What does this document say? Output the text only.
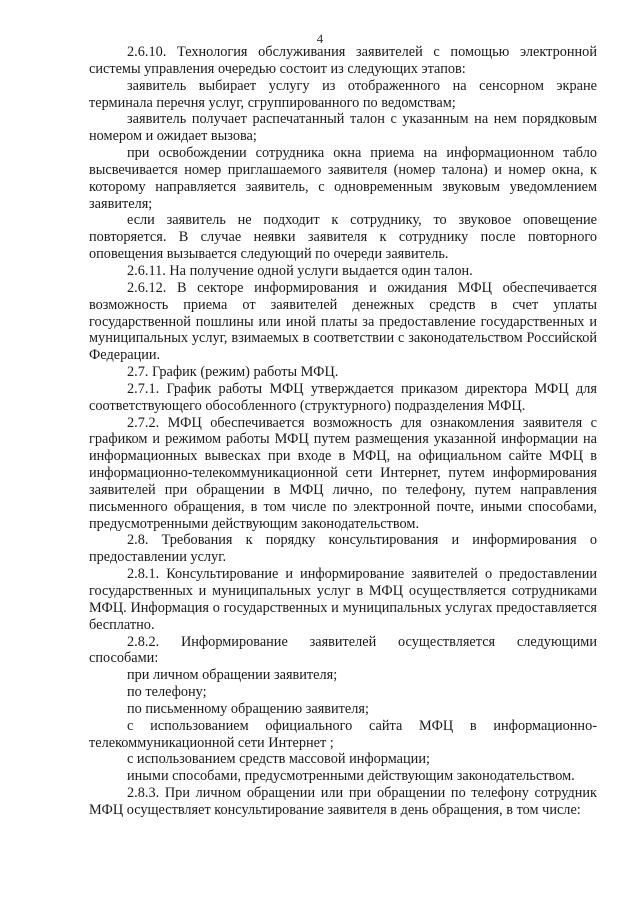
4

2.6.10. Технология обслуживания заявителей с помощью электронной системы управления очередью состоит из следующих этапов:

заявитель выбирает услугу из отображенного на сенсорном экране терминала перечня услуг, сгруппированного по ведомствам;

заявитель получает распечатанный талон с указанным на нем порядковым номером и ожидает вызова;

при освобождении сотрудника окна приема на информационном табло высвечивается номер приглашаемого заявителя (номер талона) и номер окна, к которому направляется заявитель, с одновременным звуковым уведомлением заявителя;

если заявитель не подходит к сотруднику, то звуковое оповещение повторяется. В случае неявки заявителя к сотруднику после повторного оповещения вызывается следующий по очереди заявитель.

2.6.11. На получение одной услуги выдается один талон.

2.6.12. В секторе информирования и ожидания МФЦ обеспечивается возможность приема от заявителей денежных средств в счет уплаты государственной пошлины или иной платы за предоставление государственных и муниципальных услуг, взимаемых в соответствии с законодательством Российской Федерации.

2.7. График (режим) работы МФЦ.

2.7.1. График работы МФЦ утверждается приказом директора МФЦ для соответствующего обособленного (структурного) подразделения МФЦ.

2.7.2. МФЦ обеспечивается возможность для ознакомления заявителя с графиком и режимом работы МФЦ путем размещения указанной информации на информационных вывесках при входе в МФЦ, на официальном сайте МФЦ в информационно-телекоммуникационной сети Интернет, путем информирования заявителей при обращении в МФЦ лично, по телефону, путем направления письменного обращения, в том числе по электронной почте, иными способами, предусмотренными действующим законодательством.

2.8. Требования к порядку консультирования и информирования о предоставлении услуг.

2.8.1. Консультирование и информирование заявителей о предоставлении государственных и муниципальных услуг в МФЦ осуществляется сотрудниками МФЦ. Информация о государственных и муниципальных услугах предоставляется бесплатно.

2.8.2. Информирование заявителей осуществляется следующими способами:

при личном обращении заявителя;

по телефону;

по письменному обращению заявителя;

с использованием официального сайта МФЦ в информационно-телекоммуникационной сети Интернет ;

с использованием средств массовой информации;

иными способами, предусмотренными действующим законодательством.

2.8.3. При личном обращении или при обращении по телефону сотрудник МФЦ осуществляет консультирование заявителя в день обращения, в том числе:
